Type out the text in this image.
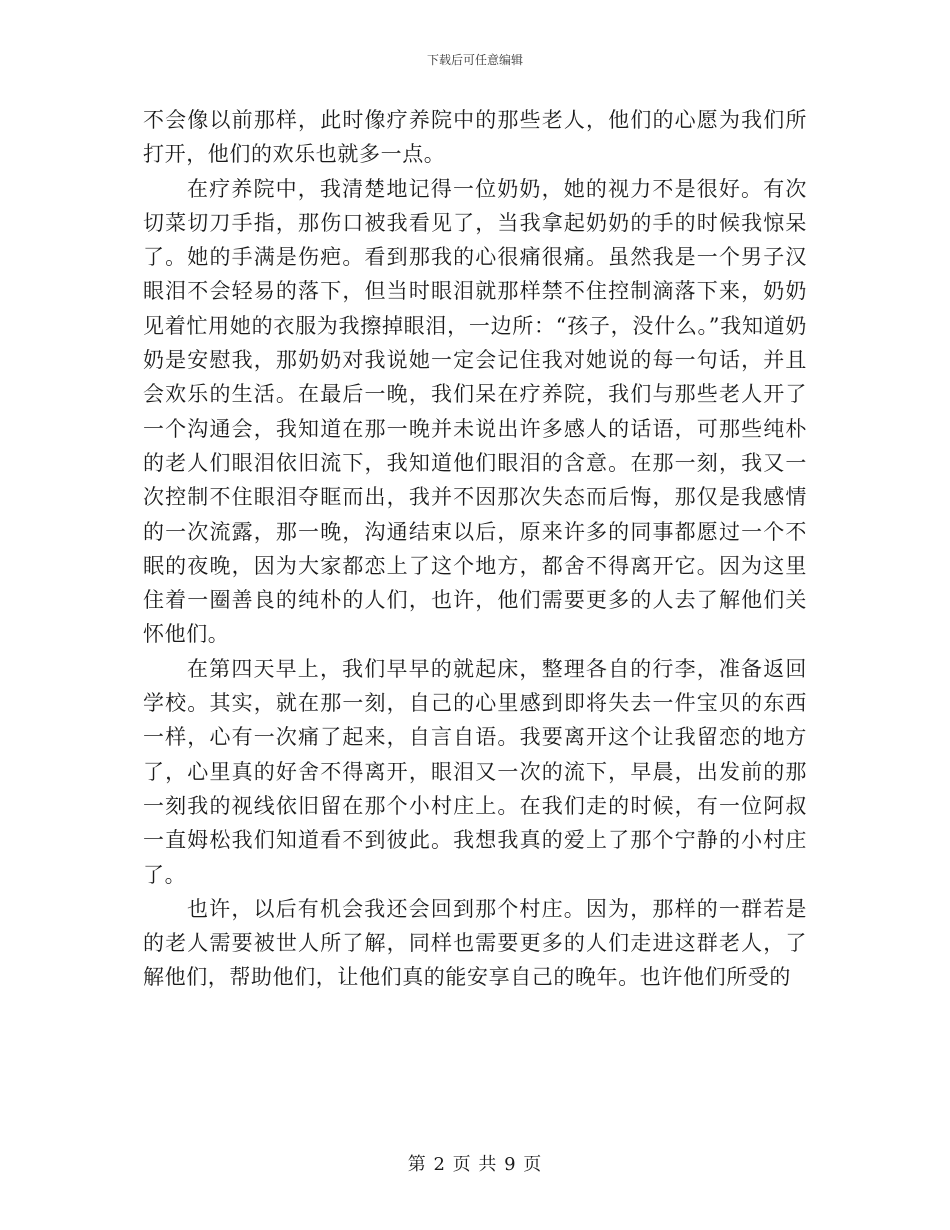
下载后可任意编辑

不会像以前那样，此时像疗养院中的那些老人，他们的心愿为我们所打开，他们的欢乐也就多一点。

在疗养院中，我清楚地记得一位奶奶，她的视力不是很好。有次切菜切刀手指，那伤口被我看见了，当我拿起奶奶的手的时候我惊呆了。她的手满是伤疤。看到那我的心很痛很痛。虽然我是一个男子汉眼泪不会轻易的落下，但当时眼泪就那样禁不住控制滴落下来，奶奶见着忙用她的衣服为我擦掉眼泪，一边所：“孩子，没什么。”我知道奶奶是安慰我，那奶奶对我说她一定会记住我对她说的每一句话，并且会欢乐的生活。在最后一晚，我们呆在疗养院，我们与那些老人开了一个沟通会，我知道在那一晚并未说出许多感人的话语，可那些纯朴的老人们眼泪依旧流下，我知道他们眼泪的含意。在那一刻，我又一次控制不住眼泪夺眶而出，我并不因那次失态而后悔，那仅是我感情的一次流露，那一晚，沟通结束以后，原来许多的同事都愿过一个不眠的夜晚，因为大家都恋上了这个地方，都舍不得离开它。因为这里住着一圈善良的纯朴的人们，也许，他们需要更多的人去了解他们关怀他们。

在第四天早上，我们早早的就起床，整理各自的行李，准备返回学校。其实，就在那一刻，自己的心里感到即将失去一件宝贝的东西一样，心有一次痛了起来，自言自语。我要离开这个让我留恋的地方了，心里真的好舍不得离开，眼泪又一次的流下，早晨，出发前的那一刻我的视线依旧留在那个小村庄上。在我们走的时候，有一位阿叔一直姆松我们知道看不到彼此。我想我真的爱上了那个宁静的小村庄了。

也许，以后有机会我还会回到那个村庄。因为，那样的一群若是的老人需要被世人所了解，同样也需要更多的人们走进这群老人，了解他们，帮助他们，让他们真的能安享自己的晚年。也许他们所受的

第 2 页 共 9 页
